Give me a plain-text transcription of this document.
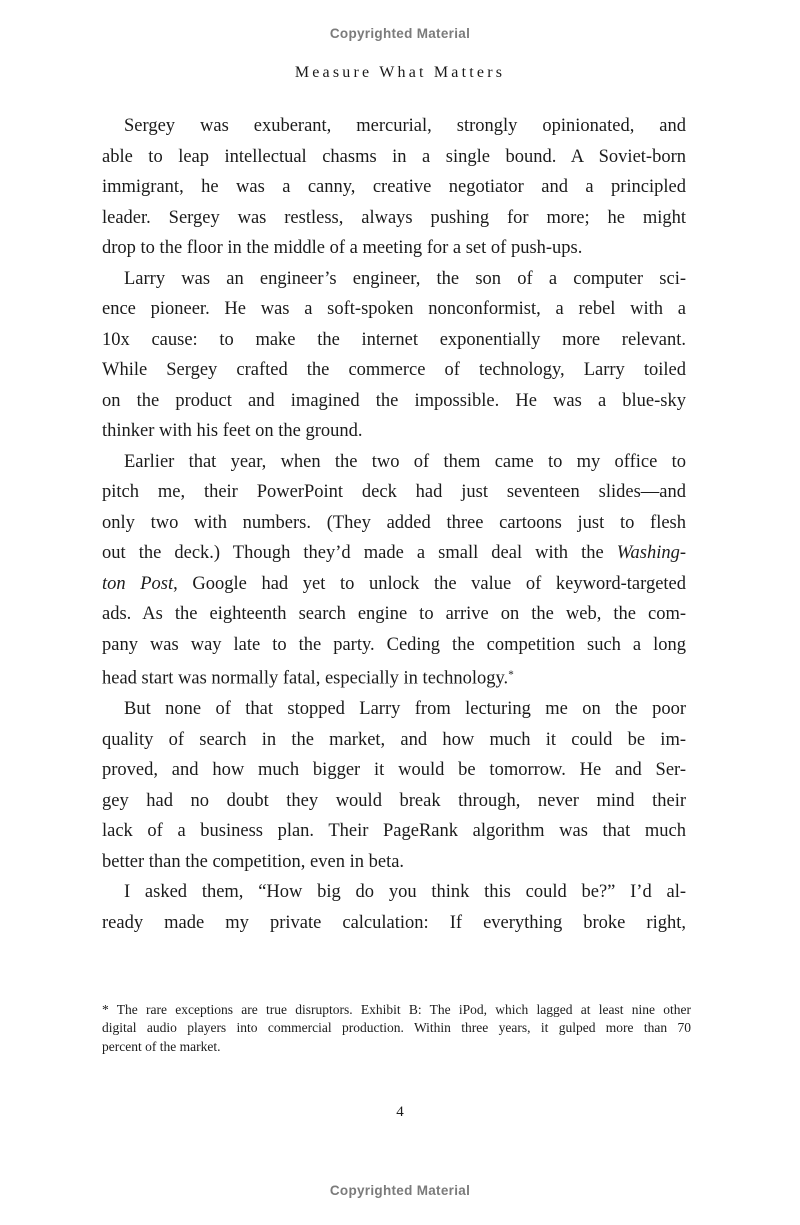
Copyrighted Material
Measure What Matters
Sergey was exuberant, mercurial, strongly opinionated, and
able to leap intellectual chasms in a single bound. A Soviet-born
immigrant, he was a canny, creative negotiator and a principled
leader. Sergey was restless, always pushing for more; he might
drop to the floor in the middle of a meeting for a set of push-ups.
Larry was an engineer’s engineer, the son of a computer sci-
ence pioneer. He was a soft-spoken nonconformist, a rebel with a
10x cause: to make the internet exponentially more relevant.
While Sergey crafted the commerce of technology, Larry toiled
on the product and imagined the impossible. He was a blue-sky
thinker with his feet on the ground.
Earlier that year, when the two of them came to my office to
pitch me, their PowerPoint deck had just seventeen slides—and
only two with numbers. (They added three cartoons just to flesh
out the deck.) Though they’d made a small deal with the Washing-
ton Post, Google had yet to unlock the value of keyword-targeted
ads. As the eighteenth search engine to arrive on the web, the com-
pany was way late to the party. Ceding the competition such a long
head start was normally fatal, especially in technology.*
But none of that stopped Larry from lecturing me on the poor
quality of search in the market, and how much it could be im-
proved, and how much bigger it would be tomorrow. He and Ser-
gey had no doubt they would break through, never mind their
lack of a business plan. Their PageRank algorithm was that much
better than the competition, even in beta.
I asked them, “How big do you think this could be?” I’d al-
ready made my private calculation: If everything broke right,
* The rare exceptions are true disruptors. Exhibit B: The iPod, which lagged at least nine other
digital audio players into commercial production. Within three years, it gulped more than 70
percent of the market.
4
Copyrighted Material
